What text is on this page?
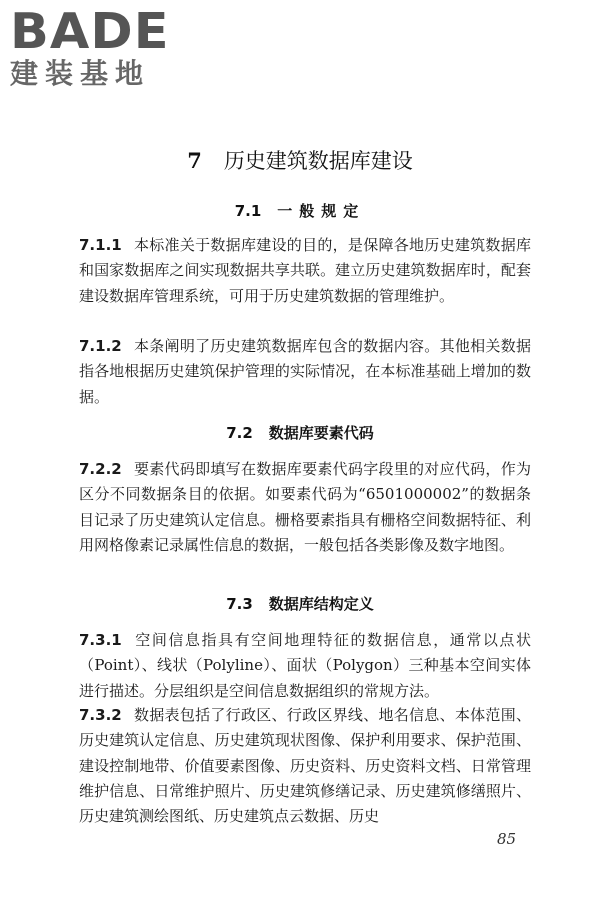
BADE
建装基地
7 历史建筑数据库建设
7.1 一般规定

7.1.1 本标准关于数据库建设的目的，是保障各地历史建筑数据库和国家数据库之间实现数据共享共联。建立历史建筑数据库时，配套建设数据库管理系统，可用于历史建筑数据的管理维护。

7.1.2 本条阐明了历史建筑数据库包含的数据内容。其他相关数据指各地根据历史建筑保护管理的实际情况，在本标准基础上增加的数据。

7.2 数据库要素代码

7.2.2 要素代码即填写在数据库要素代码字段里的对应代码，作为区分不同数据条目的依据。如要素代码为“6501000002”的数据条目记录了历史建筑认定信息。栅格要素指具有栅格空间数据特征、利用网格像素记录属性信息的数据，一般包括各类影像及数字地图。

7.3 数据库结构定义

7.3.1 空间信息指具有空间地理特征的数据信息，通常以点状（Point）、线状（Polyline）、面状（Polygon）三种基本空间实体进行描述。分层组织是空间信息数据组织的常规方法。

7.3.2 数据表包括了行政区、行政区界线、地名信息、本体范围、历史建筑认定信息、历史建筑现状图像、保护利用要求、保护范围、建设控制地带、价值要素图像、历史资料、历史资料文档、日常管理维护信息、日常维护照片、历史建筑修缮记录、历史建筑修缮照片、历史建筑测绘图纸、历史建筑点云数据、历史

85
